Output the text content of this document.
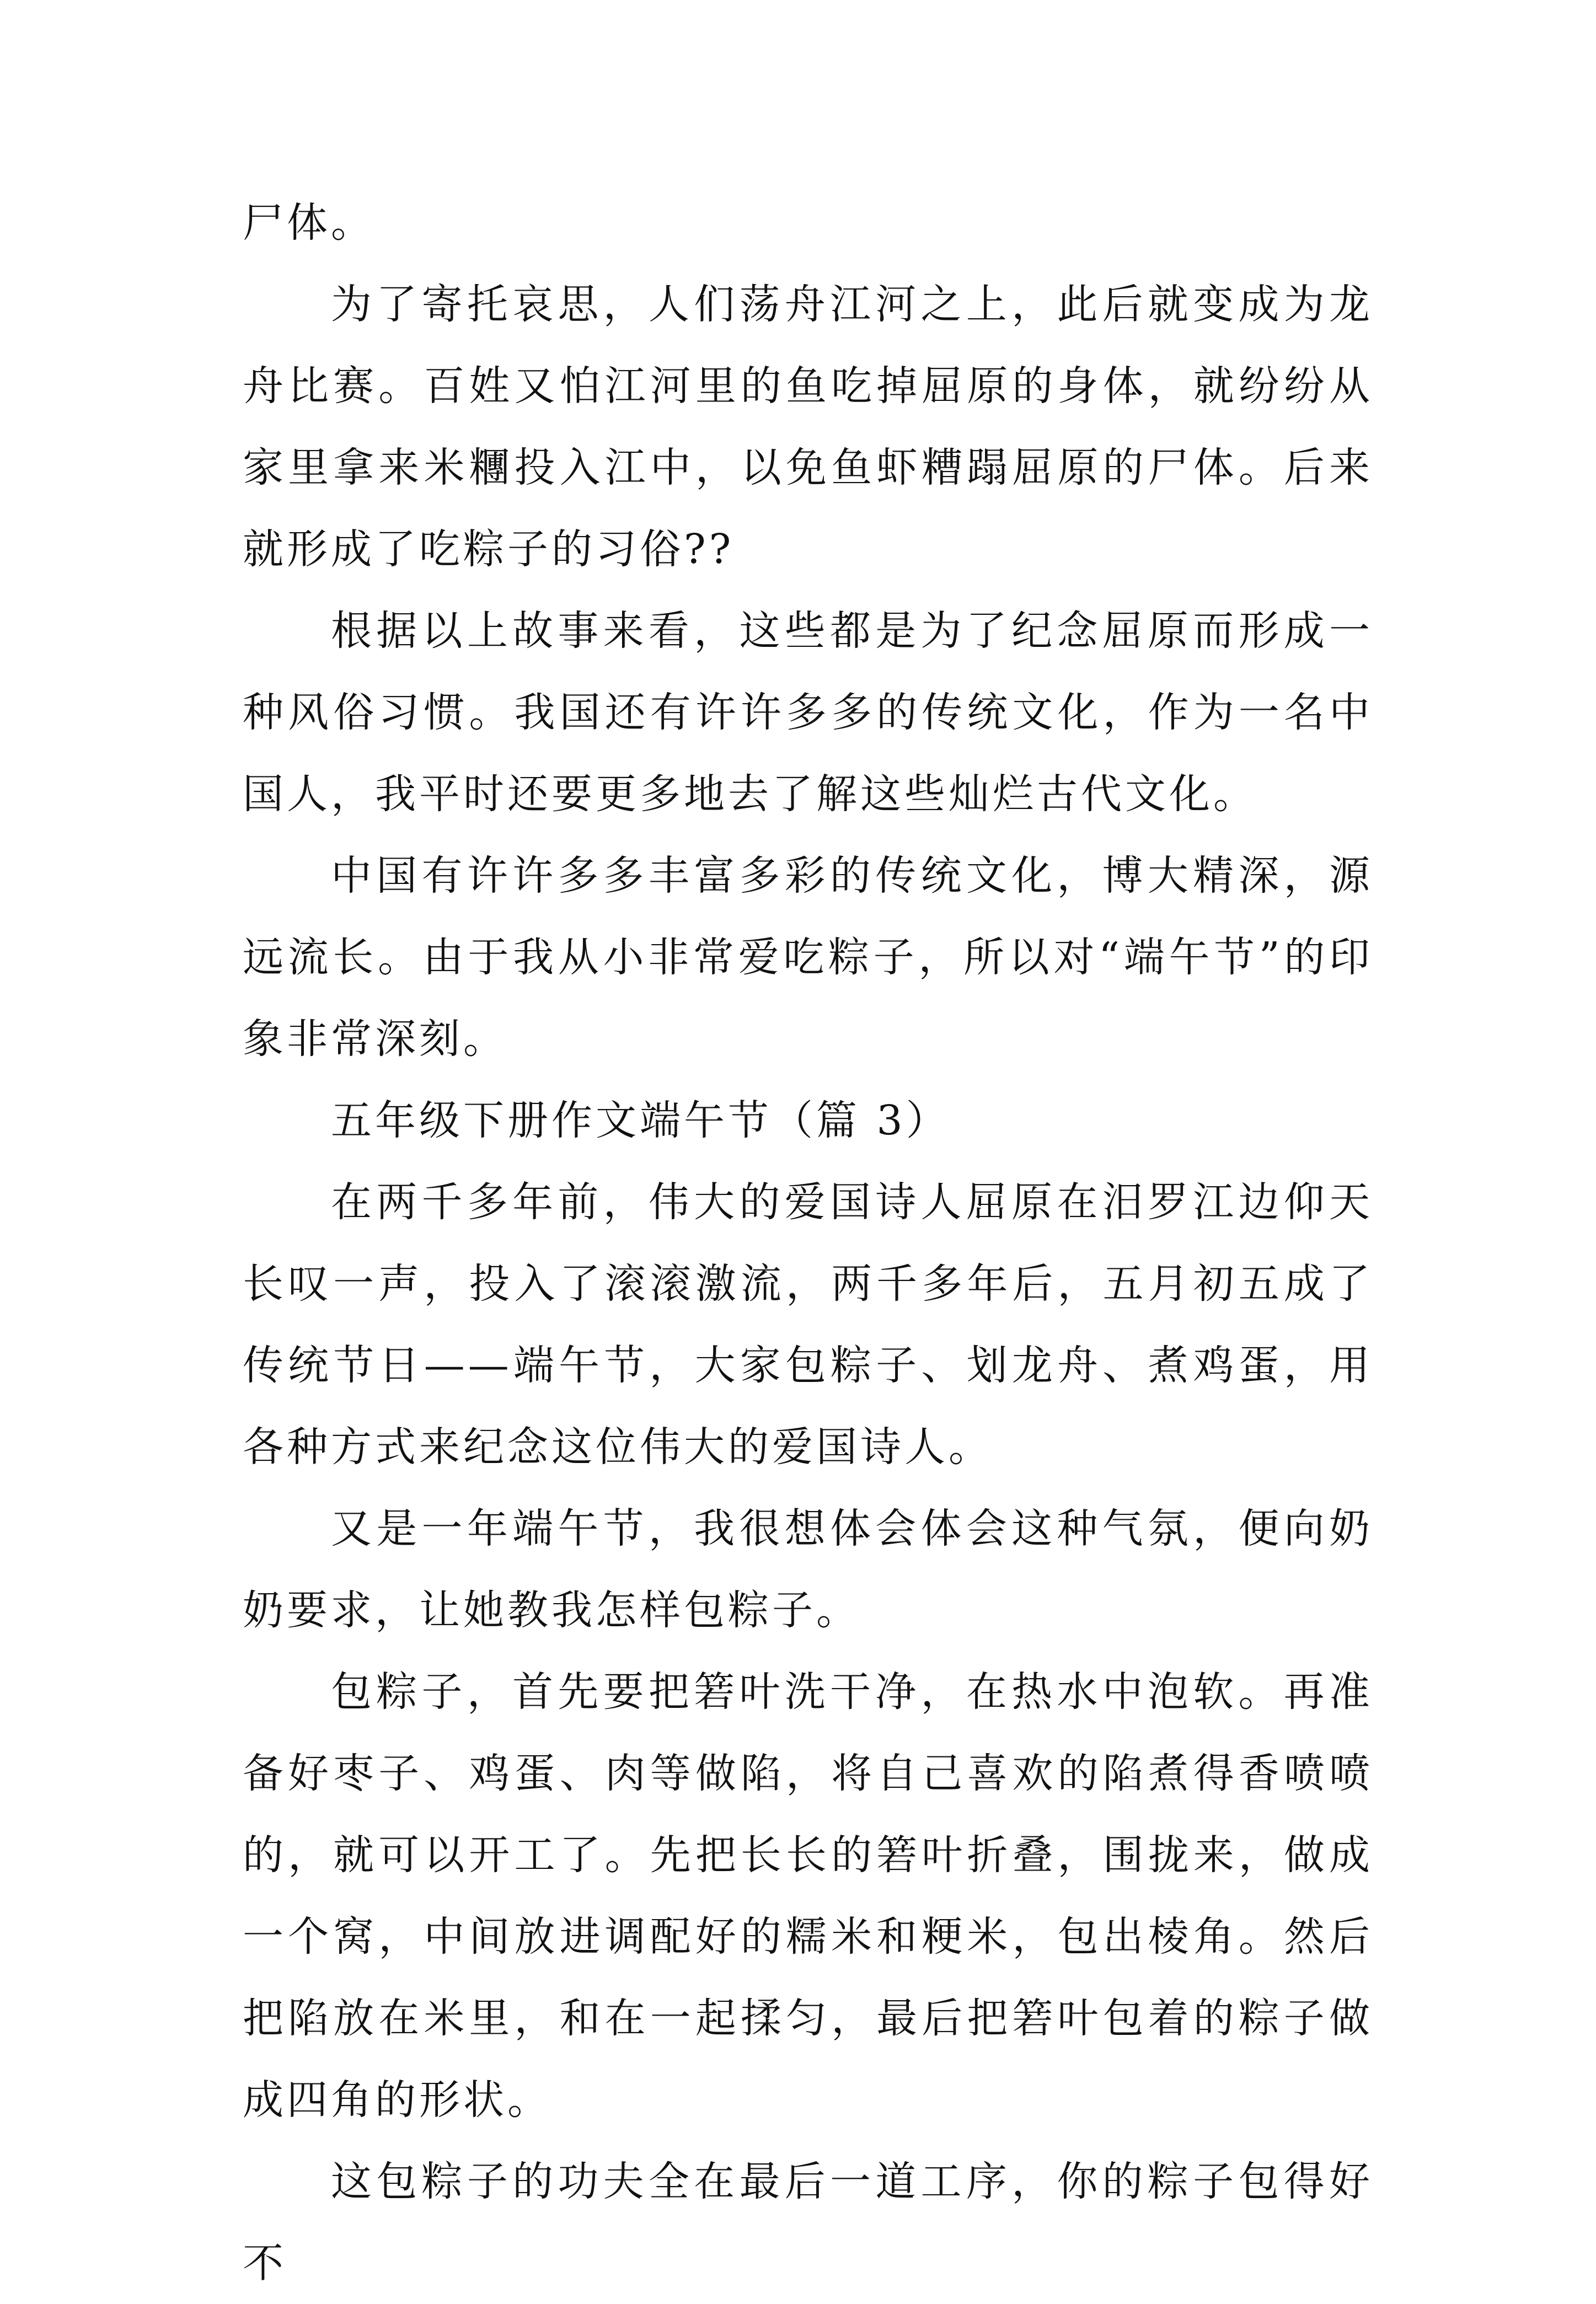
尸体。

为了寄托哀思，人们荡舟江河之上，此后就变成为龙舟比赛。百姓又怕江河里的鱼吃掉屈原的身体，就纷纷从家里拿来米糰投入江中，以免鱼虾糟蹋屈原的尸体。后来就形成了吃粽子的习俗??

根据以上故事来看，这些都是为了纪念屈原而形成一种风俗习惯。我国还有许许多多的传统文化，作为一名中国人，我平时还要更多地去了解这些灿烂古代文化。

中国有许许多多丰富多彩的传统文化，博大精深，源远流长。由于我从小非常爱吃粽子，所以对“端午节”的印象非常深刻。

五年级下册作文端午节（篇 3）

在两千多年前，伟大的爱国诗人屈原在汨罗江边仰天长叹一声，投入了滚滚激流，两千多年后，五月初五成了传统节日——端午节，大家包粽子、划龙舟、煮鸡蛋，用各种方式来纪念这位伟大的爱国诗人。

又是一年端午节，我很想体会体会这种气氛，便向奶奶要求，让她教我怎样包粽子。

包粽子，首先要把箬叶洗干净，在热水中泡软。再准备好枣子、鸡蛋、肉等做陷，将自己喜欢的陷煮得香喷喷的，就可以开工了。先把长长的箬叶折叠，围拢来，做成一个窝，中间放进调配好的糯米和粳米，包出棱角。然后把陷放在米里，和在一起揉匀，最后把箬叶包着的粽子做成四角的形状。

这包粽子的功夫全在最后一道工序，你的粽子包得好不
